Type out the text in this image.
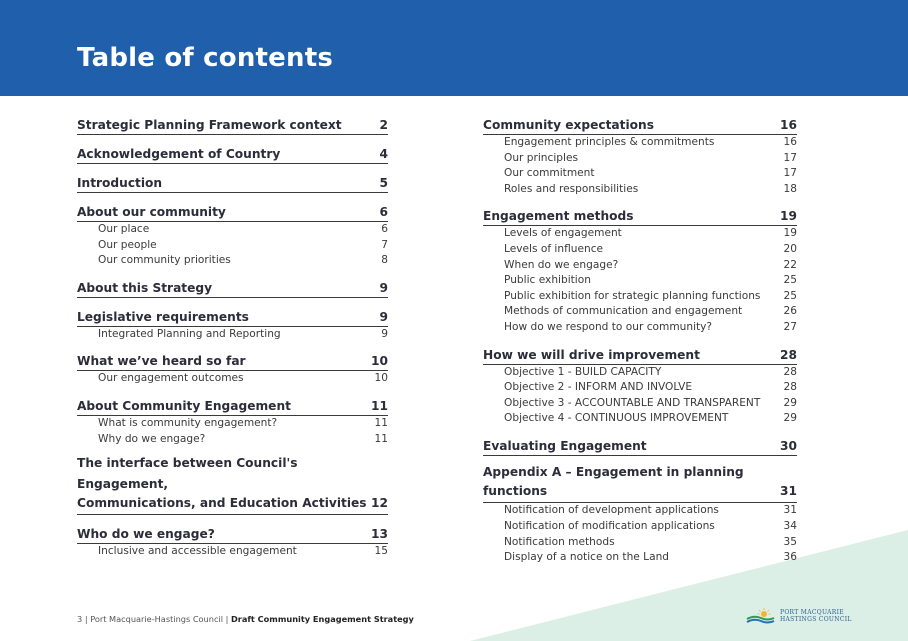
Table of contents
Strategic Planning Framework context	2
Acknowledgement of Country	4
Introduction	5
About our community	6
Our place	6
Our people	7
Our community priorities	8
About this Strategy	9
Legislative requirements	9
Integrated Planning and Reporting	9
What we’ve heard so far	10
Our engagement outcomes	10
About Community Engagement	11
What is community engagement?	11
Why do we engage?	11
The interface between Council's Engagement,
Communications, and Education Activities 12
Who do we engage?	13
Inclusive and accessible engagement	15
Community expectations	16
Engagement principles & commitments	16
Our principles	17
Our commitment	17
Roles and responsibilities	18
Engagement methods	19
Levels of engagement	19
Levels of influence	20
When do we engage?	22
Public exhibition	25
Public exhibition for strategic planning functions 25
Methods of communication and engagement	26
How do we respond to our community?	27
How we will drive improvement	28
Objective 1 - BUILD CAPACITY	28
Objective 2 - INFORM AND INVOLVE	28
Objective 3 - ACCOUNTABLE AND TRANSPARENT 29
Objective 4 - CONTINUOUS IMPROVEMENT	29
Evaluating Engagement	30
Appendix A – Engagement in planning
functions	31
Notification of development applications	31
Notification of modification applications	34
Notification methods	35
Display of a notice on the Land	36
3 | Port Macquarie-Hastings Council | Draft Community Engagement Strategy
PORT MACQUARIE
HASTINGS COUNCIL
